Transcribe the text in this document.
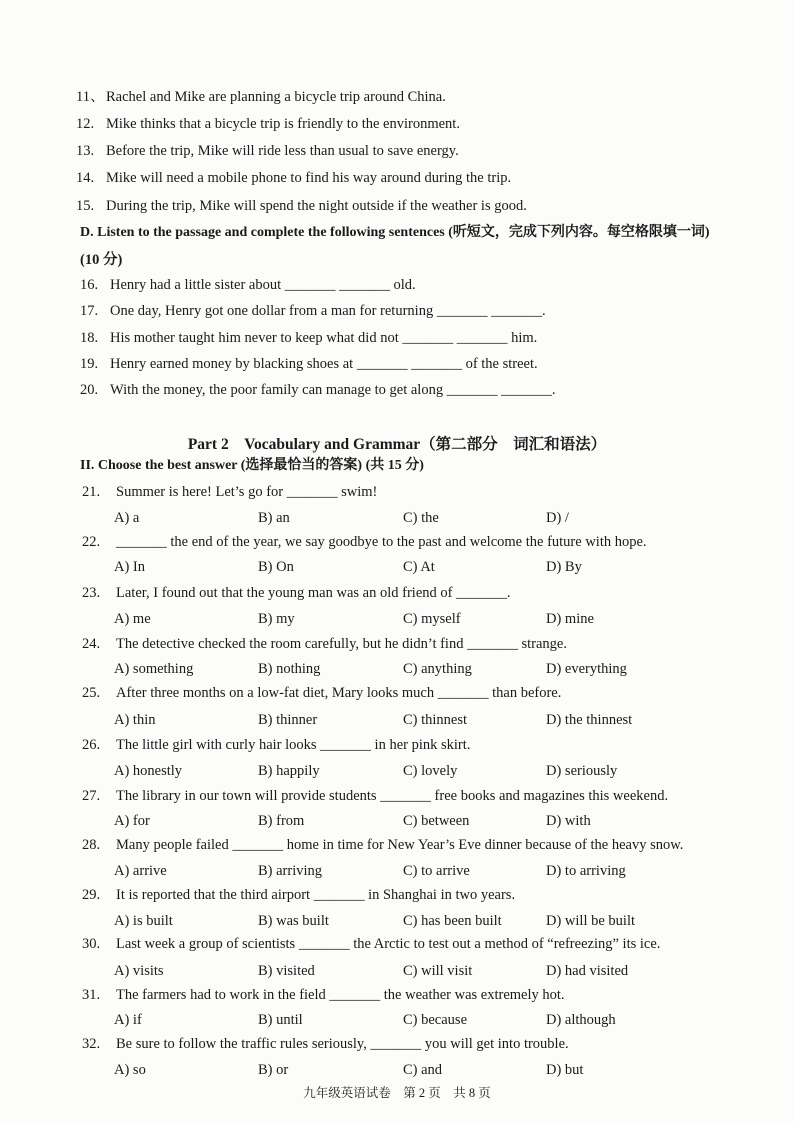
11、 Rachel and Mike are planning a bicycle trip around China.
12. Mike thinks that a bicycle trip is friendly to the environment.
13. Before the trip, Mike will ride less than usual to save energy.
14. Mike will need a mobile phone to find his way around during the trip.
15. During the trip, Mike will spend the night outside if the weather is good.
D. Listen to the passage and complete the following sentences (听短文，完成下列内容。每空格限填一词)
(10 分)
16. Henry had a little sister about _______ _______ old.
17. One day, Henry got one dollar from a man for returning _______ _______.
18. His mother taught him never to keep what did not _______ _______ him.
19. Henry earned money by blacking shoes at _______ _______ of the street.
20. With the money, the poor family can manage to get along _______ _______.
Part 2　Vocabulary and Grammar（第二部分　词汇和语法）
II. Choose the best answer (选择最恰当的答案) (共 15 分)
21. Summer is here! Let’s go for _______ swim!
A) a	B) an	C) the	D) /
22. _______ the end of the year, we say goodbye to the past and welcome the future with hope.
A) In	B) On	C) At	D) By
23. Later, I found out that the young man was an old friend of _______.
A) me	B) my	C) myself	D) mine
24. The detective checked the room carefully, but he didn’t find _______ strange.
A) something	B) nothing	C) anything	D) everything
25. After three months on a low-fat diet, Mary looks much _______ than before.
A) thin	B) thinner	C) thinnest	D) the thinnest
26. The little girl with curly hair looks _______ in her pink skirt.
A) honestly	B) happily	C) lovely	D) seriously
27. The library in our town will provide students _______ free books and magazines this weekend.
A) for	B) from	C) between	D) with
28. Many people failed _______ home in time for New Year’s Eve dinner because of the heavy snow.
A) arrive	B) arriving	C) to arrive	D) to arriving
29. It is reported that the third airport _______ in Shanghai in two years.
A) is built	B) was built	C) has been built	D) will be built
30. Last week a group of scientists _______ the Arctic to test out a method of “refreezing” its ice.
A) visits	B) visited	C) will visit	D) had visited
31. The farmers had to work in the field _______ the weather was extremely hot.
A) if	B) until	C) because	D) although
32. Be sure to follow the traffic rules seriously, _______ you will get into trouble.
A) so	B) or	C) and	D) but
九年级英语试卷　第 2 页　共 8 页
